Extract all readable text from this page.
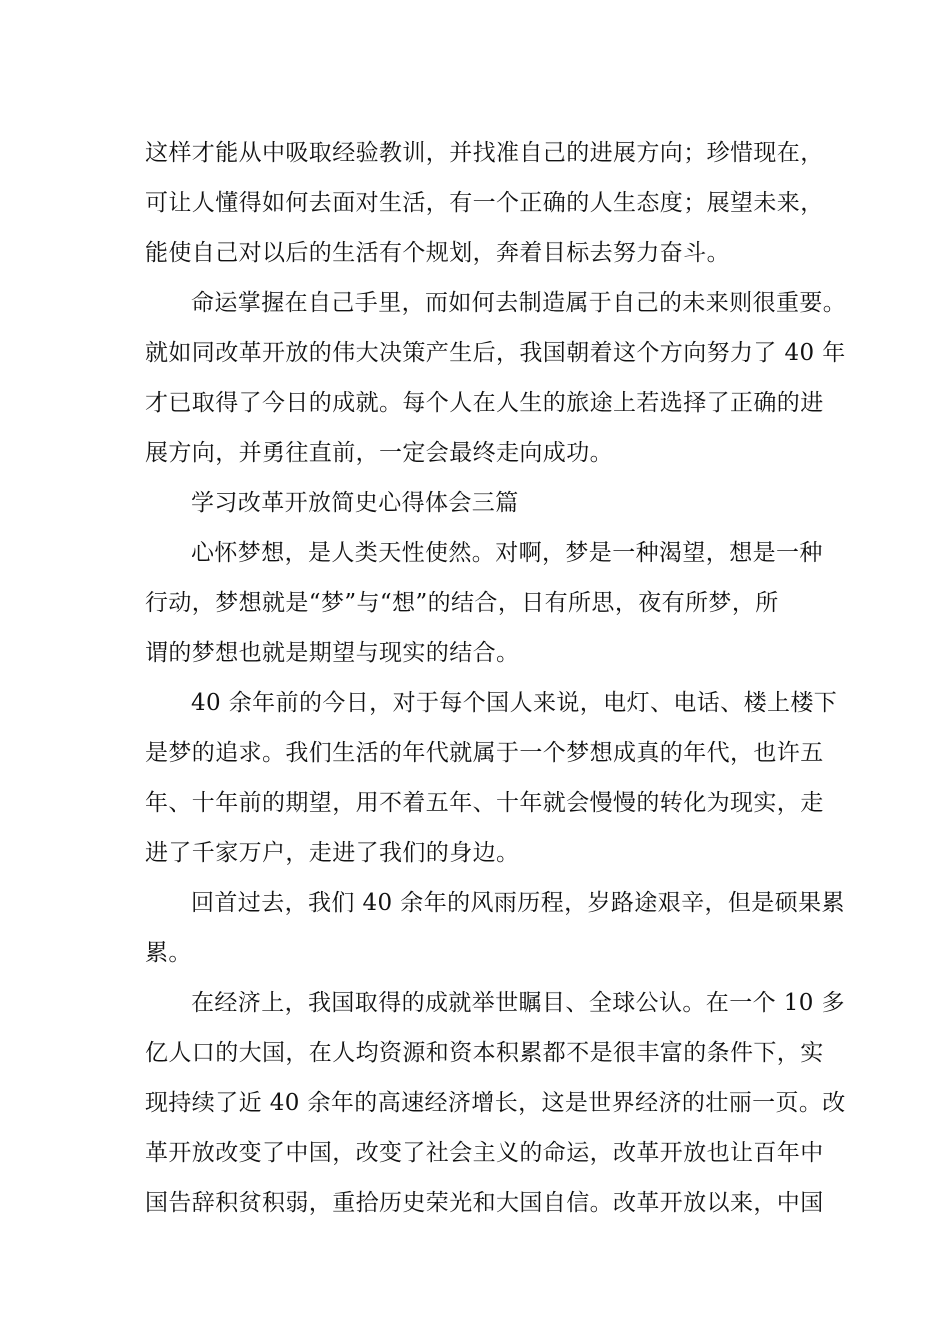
这样才能从中吸取经验教训，并找准自己的进展方向；珍惜现在，
可让人懂得如何去面对生活，有一个正确的人生态度；展望未来，
能使自己对以后的生活有个规划，奔着目标去努力奋斗。
命运掌握在自己手里，而如何去制造属于自己的未来则很重要。
就如同改革开放的伟大决策产生后，我国朝着这个方向努力了 40 年
才已取得了今日的成就。每个人在人生的旅途上若选择了正确的进
展方向，并勇往直前，一定会最终走向成功。
学习改革开放简史心得体会三篇
心怀梦想，是人类天性使然。对啊，梦是一种渴望，想是一种
行动，梦想就是“梦”与“想”的结合，日有所思，夜有所梦，所
谓的梦想也就是期望与现实的结合。
40 余年前的今日，对于每个国人来说，电灯、电话、楼上楼下
是梦的追求。我们生活的年代就属于一个梦想成真的年代，也许五
年、十年前的期望，用不着五年、十年就会慢慢的转化为现实，走
进了千家万户，走进了我们的身边。
回首过去，我们 40 余年的风雨历程，岁路途艰辛，但是硕果累
累。
在经济上，我国取得的成就举世瞩目、全球公认。在一个 10 多
亿人口的大国，在人均资源和资本积累都不是很丰富的条件下，实
现持续了近 40 余年的高速经济增长，这是世界经济的壮丽一页。改
革开放改变了中国，改变了社会主义的命运，改革开放也让百年中
国告辞积贫积弱，重拾历史荣光和大国自信。改革开放以来，中国
